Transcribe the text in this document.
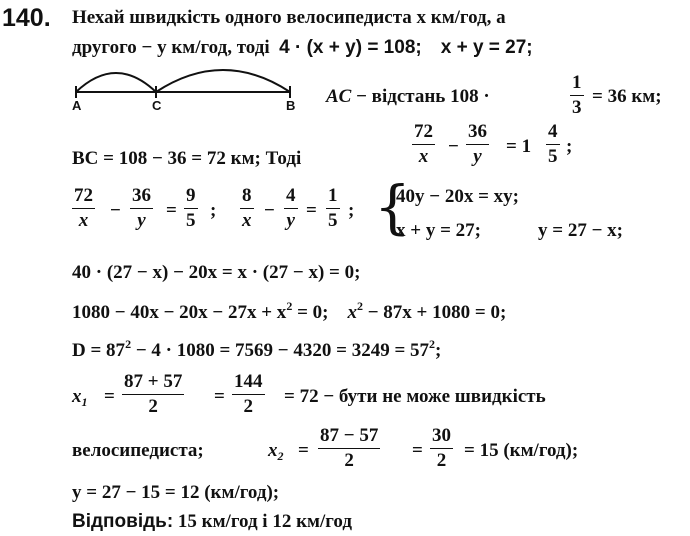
140. Нехай швидкість одного велосипедиста x км/год, а
другого − y км/год, тоді 4 · (x + y) = 108; x + y = 27;
A	C	B AC − відстань 108 ·	$\frac{1}{3} = 36$ км;
BC = 108 − 36 = 72 км; Тоді	$\frac{72}{x} - \frac{36}{y} = 1 \frac{4}{5}$ ;
$\frac{72}{x} - \frac{36}{y} = \frac{9}{5}$ ; $\frac{8}{x} - \frac{4}{y} = \frac{1}{5}$ ; {
40y − 20x = xy;
x + y = 27;	y = 27 − x;
40 · (27 − x) − 20x = x · (27 − x) = 0;
$1080 - 40x - 20x - 27x + x^2 = 0$; $x^2 - 87x + 1080 = 0$;
$D = 87^2 - 4 \cdot 1080 = 7569 - 4320 = 3249 = 57^2$;
$x_1 = \frac{87 + 57}{2} = \frac{144}{2} = 72$ − бути не може швидкість
велосипедиста;	$x_2 = \frac{87 - 57}{2} = \frac{30}{2} = 15$ (км/год);
y = 27 − 15 = 12 (км/год);
Відповідь: 15 км/год і 12 км/год
